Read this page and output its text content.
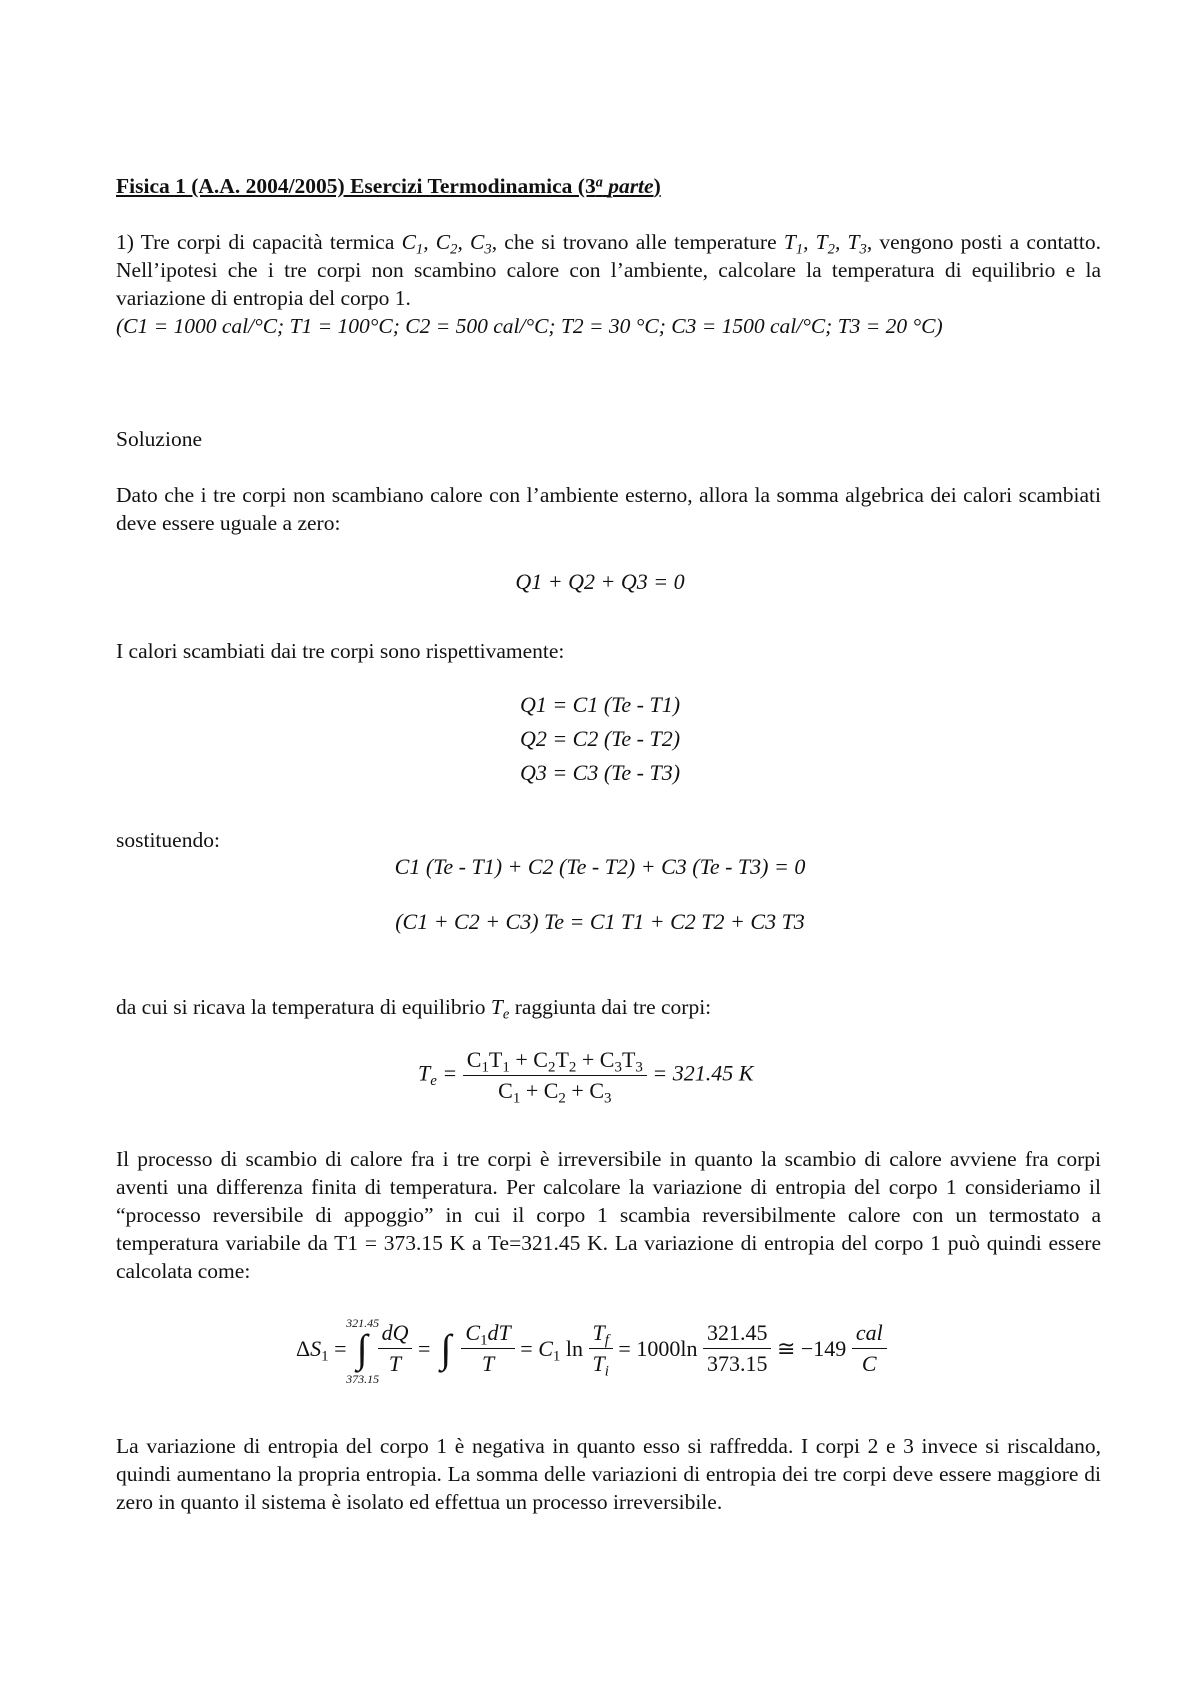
Fisica 1 (A.A. 2004/2005) Esercizi Termodinamica (3$^a$ parte)

1) Tre corpi di capacità termica $C_1$, $C_2$, $C_3$, che si trovano alle temperature $T_1$, $T_2$, $T_3$, vengono posti a contatto. Nell’ipotesi che i tre corpi non scambino calore con l’ambiente, calcolare la temperatura di equilibrio e la variazione di entropia del corpo 1.

(C1 = 1000 cal/°C; T1 = 100°C; C2 = 500 cal/°C; T2 = 30 °C; C3 = 1500 cal/°C; T3 = 20 °C)

Soluzione

Dato che i tre corpi non scambiano calore con l’ambiente esterno, allora la somma algebrica dei calori scambiati deve essere uguale a zero:

Q1 + Q2 + Q3 = 0

I calori scambiati dai tre corpi sono rispettivamente:

Q1 = C1 (Te - T1)
Q2 = C2 (Te - T2)
Q3 = C3 (Te - T3)

sostituendo:

C1 (Te - T1) + C2 (Te - T2) + C3 (Te - T3) = 0
(C1 + C2 + C3) Te = C1 T1 + C2 T2 + C3 T3

da cui si ricava la temperatura di equilibrio $T_e$ raggiunta dai tre corpi:

$T_e = \frac{C_1T_1 + C_2T_2 + C_3T_3}{C_1 + C_2 + C_3} = 321.45$ K

Il processo di scambio di calore fra i tre corpi è irreversibile in quanto la scambio di calore avviene fra corpi aventi una differenza finita di temperatura. Per calcolare la variazione di entropia del corpo 1 consideriamo il “processo reversibile di appoggio” in cui il corpo 1 scambia reversibilmente calore con un termostato a temperatura variabile da T1 = 373.15 K a Te=321.45 K. La variazione di entropia del corpo 1 può quindi essere calcolata come:

$\Delta S_1$ = ∫
321.45
373.15

$\frac{dQ}{T}$ = ∫ $\frac{C_1dT}{T} = C_1$ $\ln \frac{T_f}{T_i} = 1000\ln \frac{321.45}{373.15}$ ≅ $-149 \frac{\text{cal}}{C}$

La variazione di entropia del corpo 1 è negativa in quanto esso si raffredda. I corpi 2 e 3 invece si riscaldano, quindi aumentano la propria entropia. La somma delle variazioni di entropia dei tre corpi deve essere maggiore di zero in quanto il sistema è isolato ed effettua un processo irreversibile.
